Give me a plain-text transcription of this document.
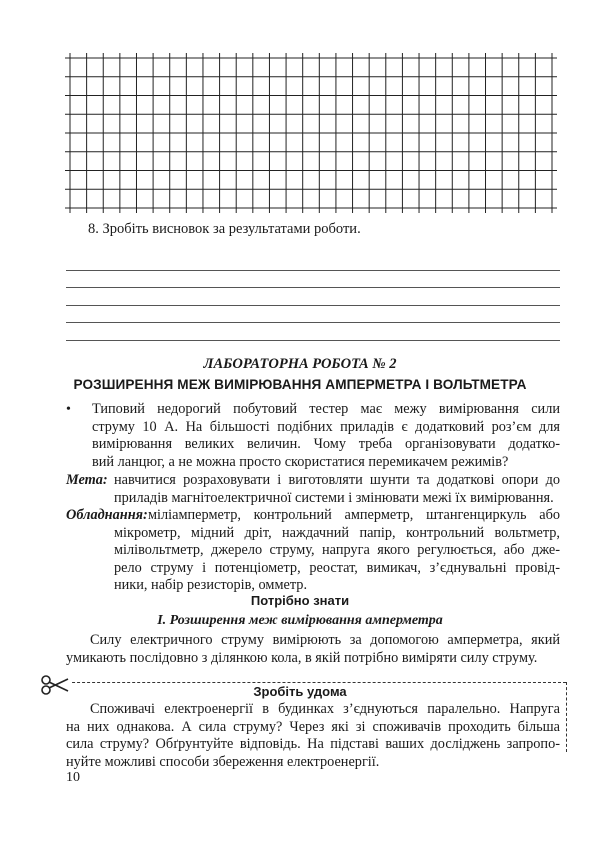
8. Зробіть висновок за результатами роботи.
ЛАБОРАТОРНА РОБОТА № 2
РОЗШИРЕННЯ МЕЖ ВИМІРЮВАННЯ АМПЕРМЕТРА І ВОЛЬТМЕТРА
• Типовий недорогий побутовий тестер має межу вимірювання сили
струму 10 А. На більшості подібних приладів є додатковий роз’єм для
вимірювання великих величин. Чому треба організовувати додатко-
вий ланцюг, а не можна просто скористатися перемикачем режимів?
Мета: навчитися розраховувати і виготовляти шунти та додаткові опори до
приладів магнітоелектричної системи і змінювати межі їх вимірювання.
Обладнання: міліамперметр, контрольний амперметр, штангенциркуль або
мікрометр, мідний дріт, наждачний папір, контрольний вольтметр,
мілівольтметр, джерело струму, напруга якого регулюється, або дже-
рело струму і потенціометр, реостат, вимикач, з’єднувальні провід-
ники, набір резисторів, омметр.
Потрібно знати
І. Розширення меж вимірювання амперметра
Силу електричного струму вимірюють за допомогою амперметра, який
умикають послідовно з ділянкою кола, в якій потрібно виміряти силу струму.
Зробіть удома
Споживачі електроенергії в будинках з’єднуються паралельно. Напруга
на них однакова. А сила струму? Через які зі споживачів проходить більша
сила струму? Обґрунтуйте відповідь. На підставі ваших досліджень запропо-
нуйте можливі способи збереження електроенергії.
10
